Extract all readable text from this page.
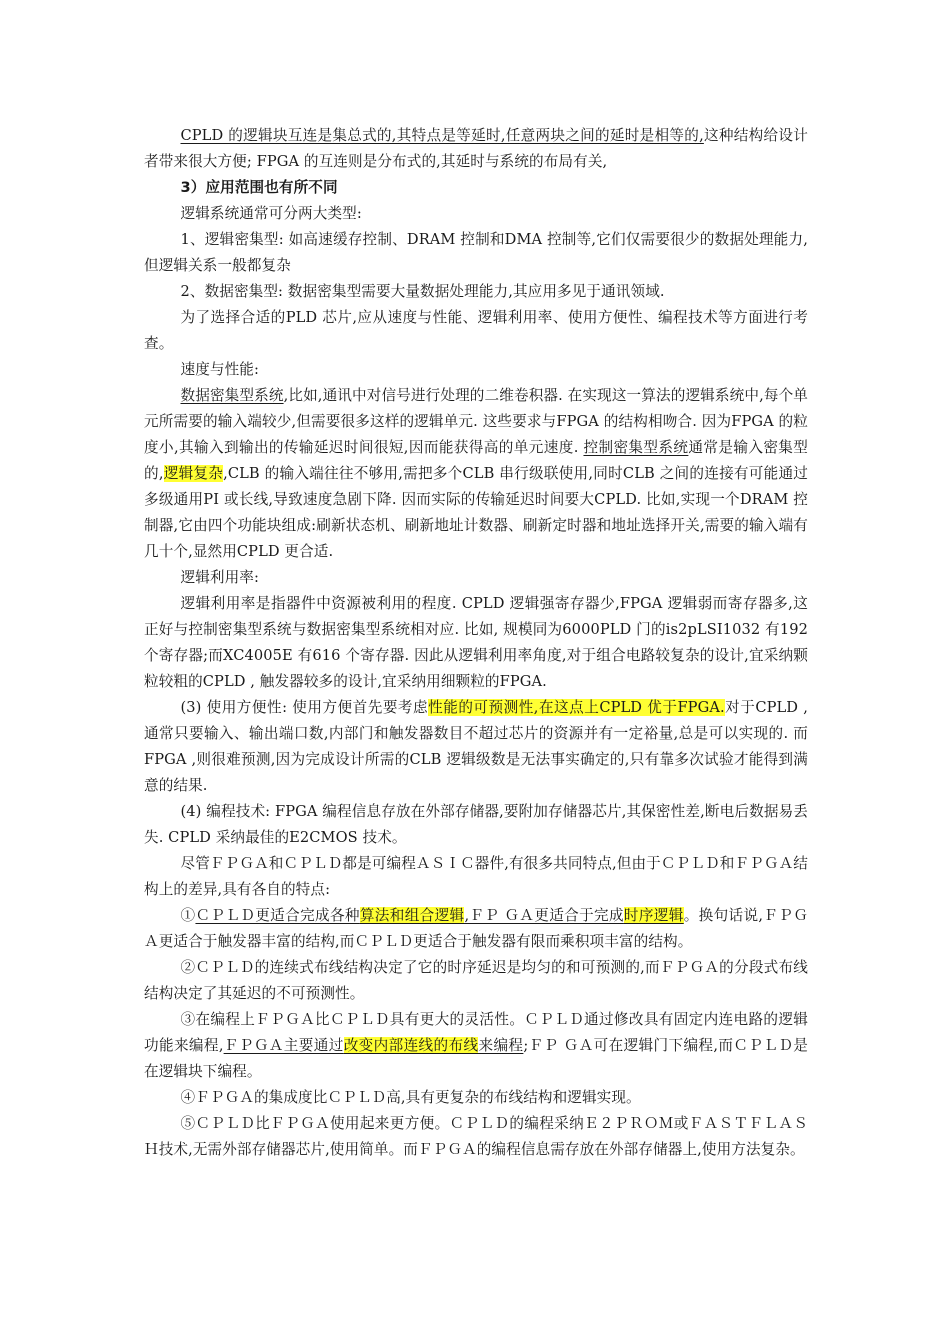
CPLD 的逻辑块互连是集总式的,其特点是等延时,任意两块之间的延时是相等的,这种结构给设计者带来很大方便; FPGA 的互连则是分布式的,其延时与系统的布局有关,

3）应用范围也有所不同

逻辑系统通常可分两大类型:

1、逻辑密集型: 如高速缓存控制、DRAM 控制和DMA 控制等,它们仅需要很少的数据处理能力,但逻辑关系一般都复杂

2、数据密集型: 数据密集型需要大量数据处理能力,其应用多见于通讯领域.

为了选择合适的PLD 芯片,应从速度与性能、逻辑利用率、使用方便性、编程技术等方面进行考查。

速度与性能:

数据密集型系统,比如,通讯中对信号进行处理的二维卷积器. 在实现这一算法的逻辑系统中,每个单元所需要的输入端较少,但需要很多这样的逻辑单元. 这些要求与FPGA 的结构相吻合. 因为FPGA 的粒度小,其输入到输出的传输延迟时间很短,因而能获得高的单元速度. 控制密集型系统通常是输入密集型的,逻辑复杂,CLB 的输入端往往不够用,需把多个CLB 串行级联使用,同时CLB 之间的连接有可能通过多级通用PI 或长线,导致速度急剧下降. 因而实际的传输延迟时间要大CPLD. 比如,实现一个DRAM 控制器,它由四个功能块组成:刷新状态机、刷新地址计数器、刷新定时器和地址选择开关,需要的输入端有几十个,显然用CPLD 更合适.

逻辑利用率:

逻辑利用率是指器件中资源被利用的程度. CPLD 逻辑强寄存器少,FPGA 逻辑弱而寄存器多,这正好与控制密集型系统与数据密集型系统相对应. 比如, 规模同为6000PLD 门的is2pLSI1032 有192 个寄存器;而XC4005E 有616 个寄存器. 因此从逻辑利用率角度,对于组合电路较复杂的设计,宜采纳颗粒较粗的CPLD , 触发器较多的设计,宜采纳用细颗粒的FPGA.

(3) 使用方便性: 使用方便首先要考虑性能的可预测性,在这点上CPLD 优于FPGA.对于CPLD ,通常只要输入、输出端口数,内部门和触发器数目不超过芯片的资源并有一定裕量,总是可以实现的. 而FPGA ,则很难预测,因为完成设计所需的CLB 逻辑级数是无法事实确定的,只有靠多次试验才能得到满意的结果.

(4) 编程技术: FPGA 编程信息存放在外部存储器,要附加存储器芯片,其保密性差,断电后数据易丢失. CPLD 采纳最佳的E2CMOS 技术。

尽管ＦＰＧＡ和ＣＰＬＤ都是可编程ＡＳＩＣ器件,有很多共同特点,但由于ＣＰＬＤ和ＦＰＧＡ结构上的差异,具有各自的特点:

①ＣＰＬＤ更适合完成各种算法和组合逻辑,ＦＰ ＧＡ更适合于完成时序逻辑。换句话说,ＦＰＧＡ更适合于触发器丰富的结构,而ＣＰＬＤ更适合于触发器有限而乘积项丰富的结构。

②ＣＰＬＤ的连续式布线结构决定了它的时序延迟是均匀的和可预测的,而ＦＰＧＡ的分段式布线结构决定了其延迟的不可预测性。

③在编程上ＦＰＧＡ比ＣＰＬＤ具有更大的灵活性。ＣＰＬＤ通过修改具有固定内连电路的逻辑功能来编程,ＦＰＧＡ主要通过改变内部连线的布线来编程;ＦＰ ＧＡ可在逻辑门下编程,而ＣＰＬＤ是在逻辑块下编程。

④ＦＰＧＡ的集成度比ＣＰＬＤ高,具有更复杂的布线结构和逻辑实现。

⑤ＣＰＬＤ比ＦＰＧＡ使用起来更方便。ＣＰＬＤ的编程采纳Ｅ２ＰＲＯＭ或ＦＡＳＴＦＬＡＳＨ技术,无需外部存储器芯片,使用简单。而ＦＰＧＡ的编程信息需存放在外部存储器上,使用方法复杂。
